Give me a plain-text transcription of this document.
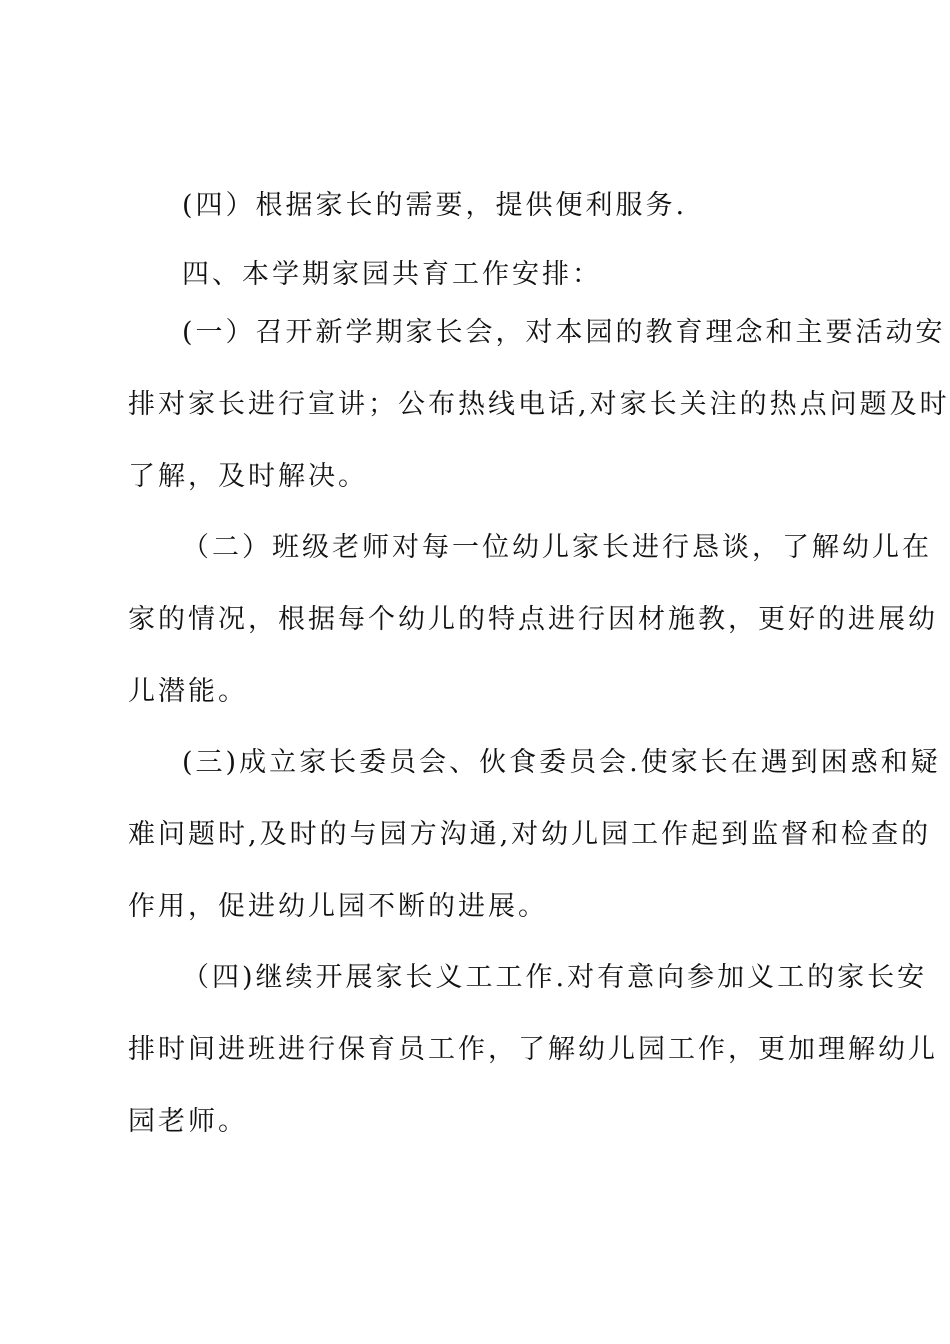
(四）根据家长的需要，提供便利服务.
四、本学期家园共育工作安排：
(一）召开新学期家长会，对本园的教育理念和主要活动安
排对家长进行宣讲；公布热线电话,对家长关注的热点问题及时
了解，及时解决。
（二）班级老师对每一位幼儿家长进行恳谈，了解幼儿在
家的情况，根据每个幼儿的特点进行因材施教，更好的进展幼
儿潜能。
(三)成立家长委员会、伙食委员会.使家长在遇到困惑和疑
难问题时,及时的与园方沟通,对幼儿园工作起到监督和检查的
作用，促进幼儿园不断的进展。
（四)继续开展家长义工工作.对有意向参加义工的家长安
排时间进班进行保育员工作，了解幼儿园工作，更加理解幼儿
园老师。
